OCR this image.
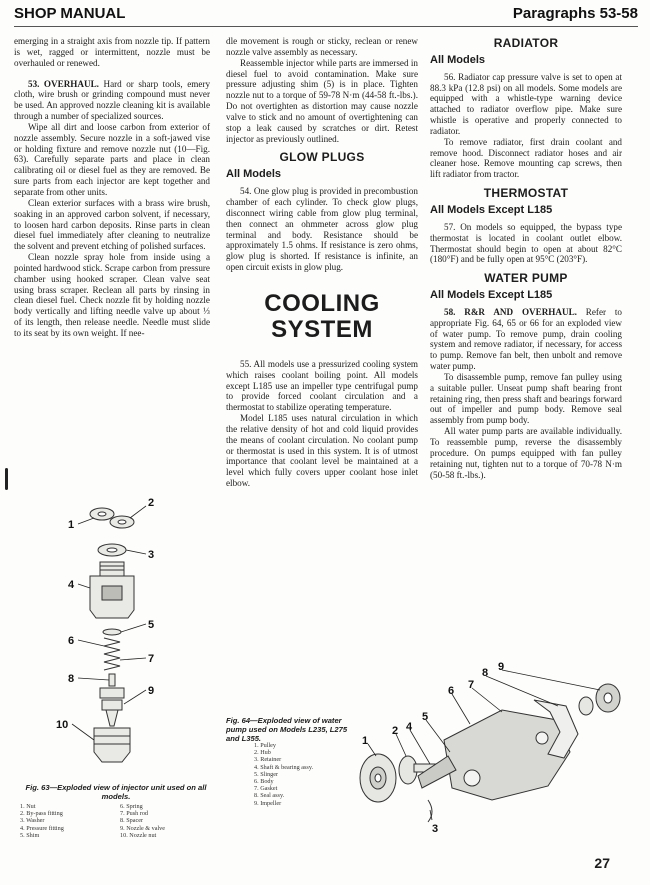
SHOP MANUAL	Paragraphs 53-58

emerging in a straight axis from nozzle tip. If pattern is wet, ragged or intermittent, nozzle must be overhauled or renewed.

53. OVERHAUL. Hard or sharp tools, emery cloth, wire brush or grinding compound must never be used. An approved nozzle cleaning kit is available through a number of specialized sources.

Wipe all dirt and loose carbon from exterior of nozzle assembly. Secure nozzle in a soft-jawed vise or holding fixture and remove nozzle nut (10—Fig. 63). Carefully separate parts and place in clean calibrating oil or diesel fuel as they are removed. Be sure parts from each injector are kept together and separate from other units.

Clean exterior surfaces with a brass wire brush, soaking in an approved carbon solvent, if necessary, to loosen hard carbon deposits. Rinse parts in clean diesel fuel immediately after cleaning to neutralize the solvent and prevent etching of polished surfaces.

Clean nozzle spray hole from inside using a pointed hardwood stick. Scrape carbon from pressure chamber using hooked scraper. Clean valve seat using brass scraper. Reclean all parts by rinsing in clean diesel fuel. Check nozzle fit by holding nozzle body vertically and lifting needle valve up about ⅓ of its length, then release needle. Needle must slide to its seat by its own weight. If nee-

dle movement is rough or sticky, reclean or renew nozzle valve assembly as necessary.

Reassemble injector while parts are immersed in diesel fuel to avoid contamination. Make sure pressure adjusting shim (5) is in place. Tighten nozzle nut to a torque of 59-78 N·m (44-58 ft.-lbs.). Do not overtighten as distortion may cause nozzle valve to stick and no amount of overtightening can stop a leak caused by scratches or dirt. Retest injector as previously outlined.

GLOW PLUGS
All Models

54. One glow plug is provided in precombustion chamber of each cylinder. To check glow plugs, disconnect wiring cable from glow plug terminal, then connect an ohmmeter across glow plug terminal and body. Resistance should be approximately 1.5 ohms. If resistance is zero ohms, glow plug is shorted. If resistance is infinite, an open circuit exists in glow plug.

COOLING
SYSTEM

55. All models use a pressurized cooling system which raises coolant boiling point. All models except L185 use an impeller type centrifugal pump to provide forced coolant circulation and a thermostat to stabilize operating temperature.

Model L185 uses natural circulation in which the relative density of hot and cold liquid provides the means of coolant circulation. No coolant pump or thermostat is used in this system. It is of utmost importance that coolant level be maintained at a level which fully covers upper coolant hose inlet elbow.

RADIATOR
All Models

56. Radiator cap pressure valve is set to open at 88.3 kPa (12.8 psi) on all models. Some models are equipped with a whistle-type warning device attached to radiator overflow pipe. Make sure whistle is operative and properly connected to radiator.

To remove radiator, first drain coolant and remove hood. Disconnect radiator hoses and air cleaner hose. Remove mounting cap screws, then lift radiator from tractor.

THERMOSTAT
All Models Except L185

57. On models so equipped, the bypass type thermostat is located in coolant outlet elbow. Thermostat should begin to open at about 82°C (180°F) and be fully open at 95°C (203°F).

WATER PUMP
All Models Except L185

58. R&R AND OVERHAUL. Refer to appropriate Fig. 64, 65 or 66 for an exploded view of water pump. To remove pump, drain cooling system and remove radiator, if necessary, for access to pump. Remove fan belt, then unbolt and remove water pump.

To disassemble pump, remove fan pulley using a suitable puller. Unseat pump shaft bearing front retaining ring, then press shaft and bearings forward out of impeller and pump body. Remove seal assembly from pump body.

All water pump parts are available individually. To reassemble pump, reverse the disassembly procedure. On pumps equipped with fan pulley retaining nut, tighten nut to a torque of 70-78 N·m (50-58 ft.-lbs.).

1
2
3
4
5
6
7
8
9
10
Fig. 63—Exploded view of injector unit used on all models.
1. Nut
2. By-pass fitting
3. Washer
4. Pressure fitting
5. Shim
6. Spring
7. Push rod
8. Spacer
9. Nozzle & valve
10. Nozzle nut
Fig. 64—Exploded view of water pump used on Models L235, L275 and L355.
1. Pulley
2. Hub
3. Retainer
4. Shaft & bearing assy.
5. Slinger
6. Body
7. Gasket
8. Seal assy.
9. Impeller
1
2
3
4
5
6 7
8 9
27
